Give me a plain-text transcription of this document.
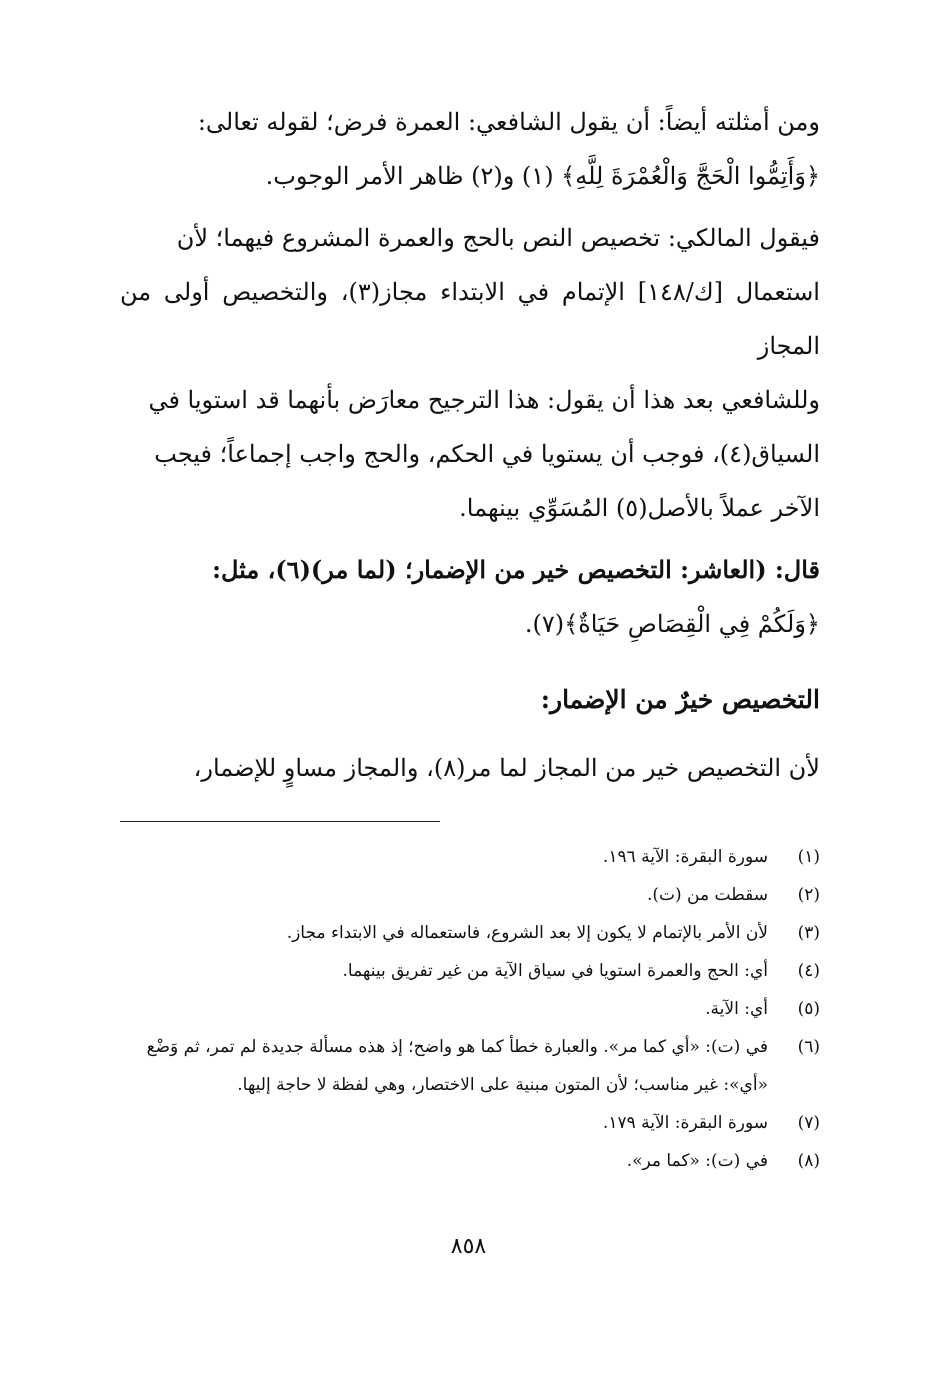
ومن أمثلته أيضاً: أن يقول الشافعي: العمرة فرض؛ لقوله تعالى:

﴿وَأَتِمُّوا الْحَجَّ وَالْعُمْرَةَ لِلَّهِ﴾ (١) و(٢) ظاهر الأمر الوجوب.

فيقول المالكي: تخصيص النص بالحج والعمرة المشروع فيهما؛ لأن

استعمال [ك/١٤٨] الإتمام في الابتداء مجاز(٣)، والتخصيص أولى من المجاز

وللشافعي بعد هذا أن يقول: هذا الترجيح معارَض بأنهما قد استويا في

السياق(٤)، فوجب أن يستويا في الحكم، والحج واجب إجماعاً؛ فيجب

الآخر عملاً بالأصل(٥) المُسَوِّي بينهما.

قال: (العاشر: التخصيص خير من الإضمار؛ (لما مر)(٦)، مثل:

﴿وَلَكُمْ فِي الْقِصَاصِ حَيَاةٌ﴾(٧).

التخصيص خيرٌ من الإضمار:

لأن التخصيص خير من المجاز لما مر(٨)، والمجاز مساوٍ للإضمار،

(١)
سورة البقرة: الآية ١٩٦.
(٢)
سقطت من (ت).
(٣)
لأن الأمر بالإتمام لا يكون إلا بعد الشروع، فاستعماله في الابتداء مجاز.
(٤)
أي: الحج والعمرة استويا في سياق الآية من غير تفريق بينهما.
(٥)
أي: الآية.
(٦)
في (ت): «أي كما مر». والعبارة خطأ كما هو واضح؛ إذ هذه مسألة جديدة لم تمر، ثم وَضْع «أي»: غير مناسب؛ لأن المتون مبنية على الاختصار، وهي لفظة لا حاجة إليها.
(٧)
سورة البقرة: الآية ١٧٩.
(٨)
في (ت): «كما مر».
٨٥٨
